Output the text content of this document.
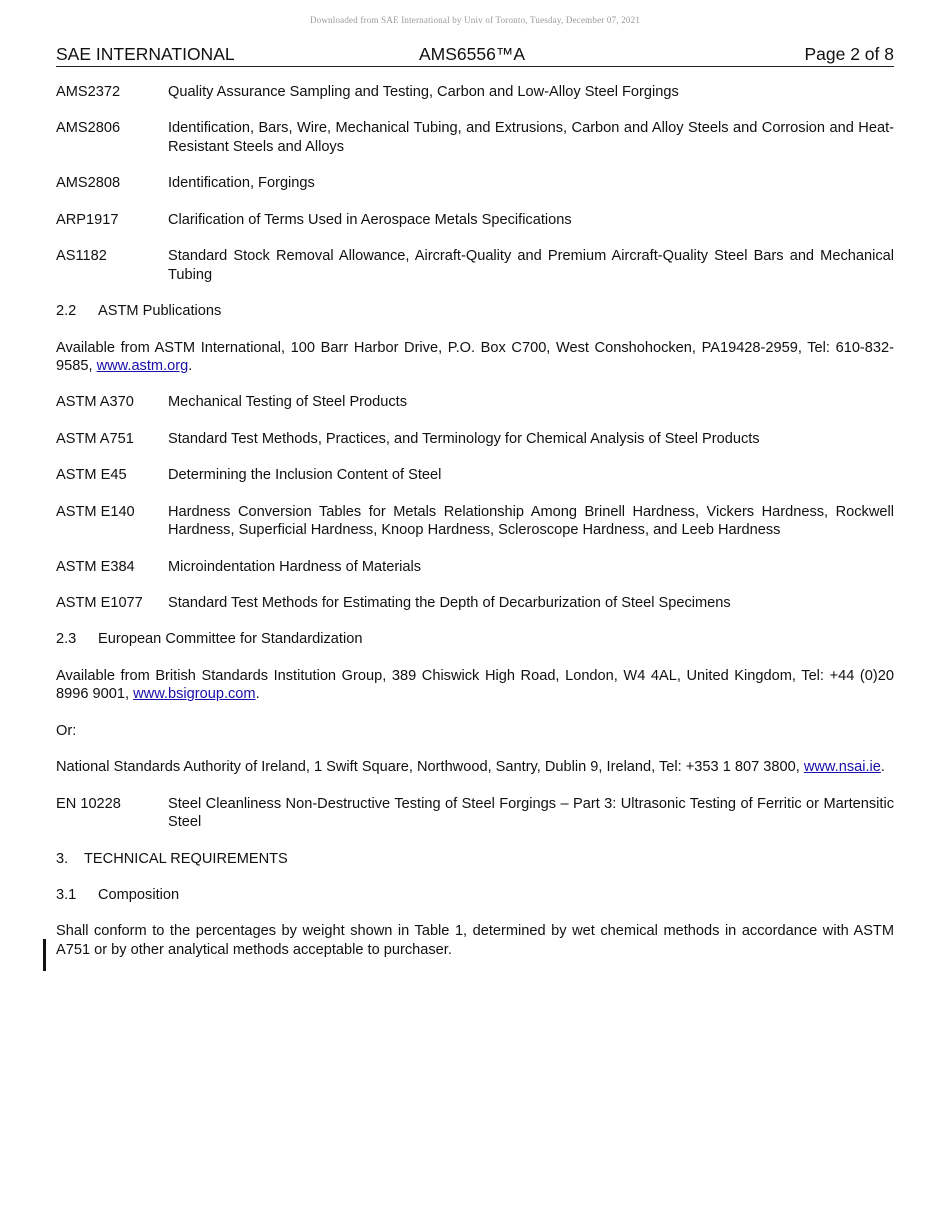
Downloaded from SAE International by Univ of Toronto, Tuesday, December 07, 2021
SAE INTERNATIONAL	AMS6556™A	Page 2 of 8
AMS2372	Quality Assurance Sampling and Testing, Carbon and Low-Alloy Steel Forgings
AMS2806	Identification, Bars, Wire, Mechanical Tubing, and Extrusions, Carbon and Alloy Steels and Corrosion and Heat-Resistant Steels and Alloys
AMS2808	Identification, Forgings
ARP1917	Clarification of Terms Used in Aerospace Metals Specifications
AS1182	Standard Stock Removal Allowance, Aircraft-Quality and Premium Aircraft-Quality Steel Bars and Mechanical Tubing
2.2 ASTM Publications
Available from ASTM International, 100 Barr Harbor Drive, P.O. Box C700, West Conshohocken, PA19428-2959, Tel: 610-832-9585, www.astm.org.
ASTM A370	Mechanical Testing of Steel Products
ASTM A751	Standard Test Methods, Practices, and Terminology for Chemical Analysis of Steel Products
ASTM E45	Determining the Inclusion Content of Steel
ASTM E140	Hardness Conversion Tables for Metals Relationship Among Brinell Hardness, Vickers Hardness, Rockwell Hardness, Superficial Hardness, Knoop Hardness, Scleroscope Hardness, and Leeb Hardness
ASTM E384	Microindentation Hardness of Materials
ASTM E1077	Standard Test Methods for Estimating the Depth of Decarburization of Steel Specimens
2.3 European Committee for Standardization
Available from British Standards Institution Group, 389 Chiswick High Road, London, W4 4AL, United Kingdom, Tel: +44 (0)20 8996 9001, www.bsigroup.com.
Or:
National Standards Authority of Ireland, 1 Swift Square, Northwood, Santry, Dublin 9, Ireland, Tel: +353 1 807 3800, www.nsai.ie.
EN 10228	Steel Cleanliness Non-Destructive Testing of Steel Forgings – Part 3: Ultrasonic Testing of Ferritic or Martensitic Steel
3. TECHNICAL REQUIREMENTS
3.1 Composition
Shall conform to the percentages by weight shown in Table 1, determined by wet chemical methods in accordance with ASTM A751 or by other analytical methods acceptable to purchaser.
